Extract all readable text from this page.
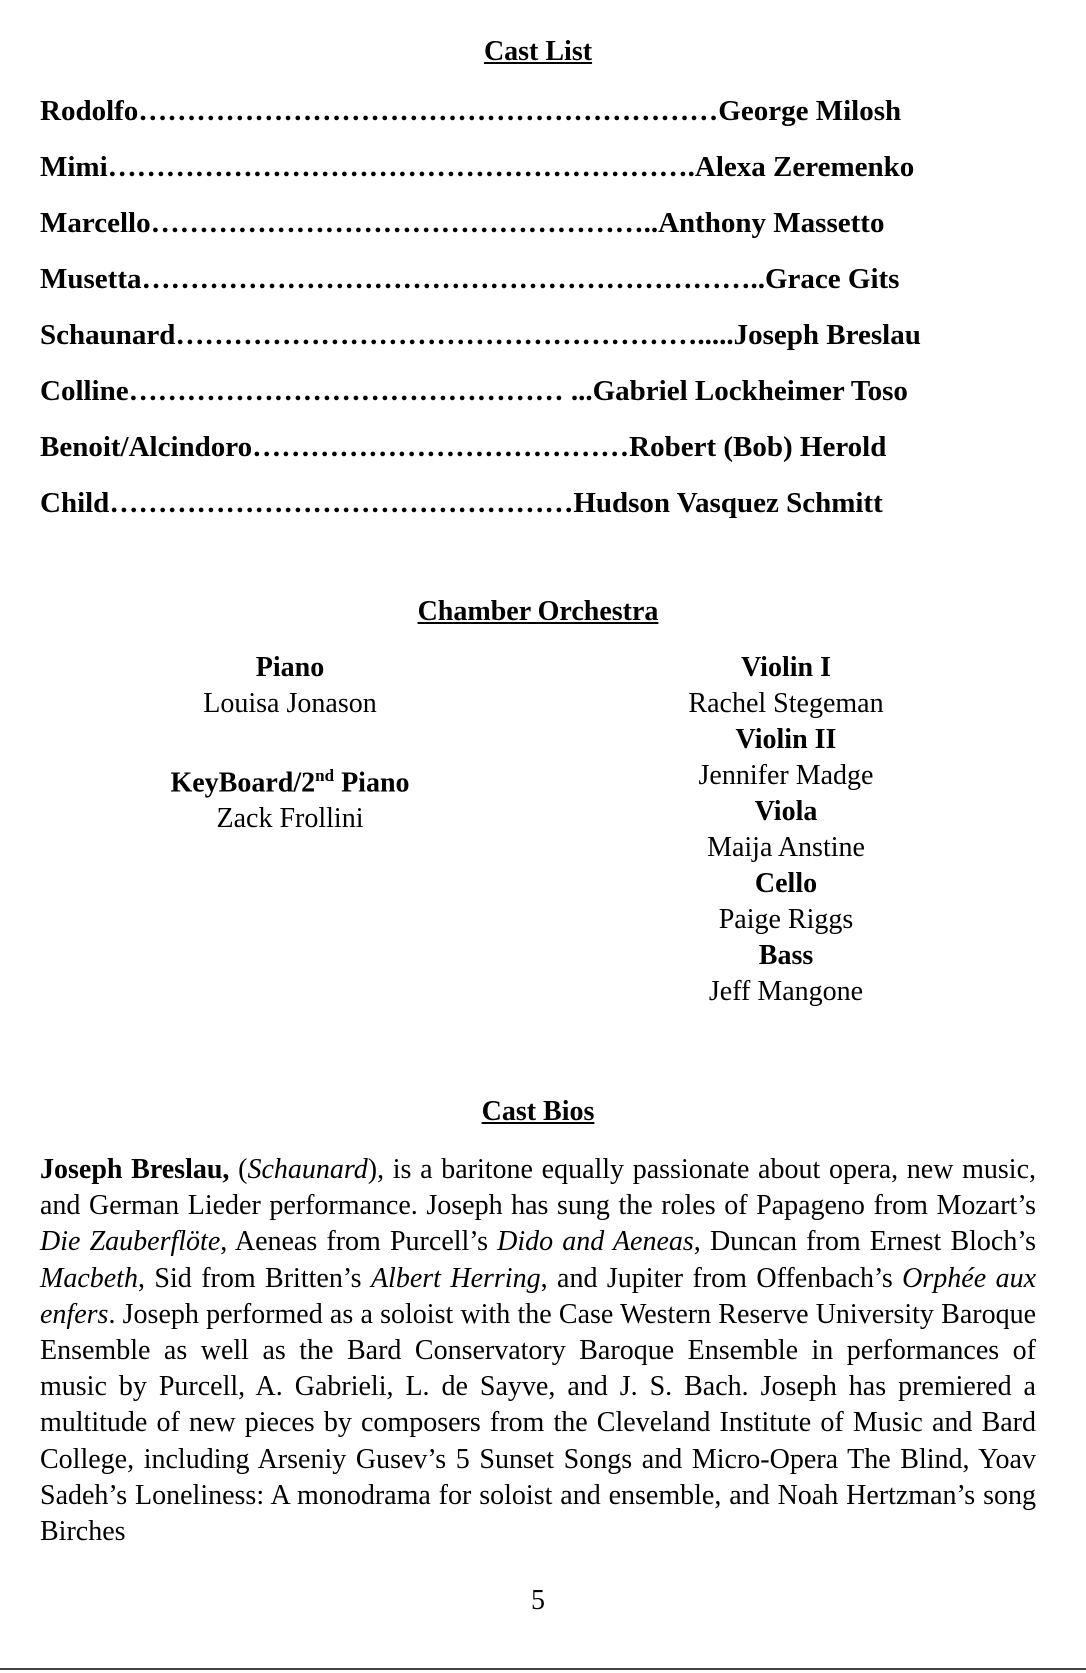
Cast List
Rodolfo……………………………………………………George Milosh
Mimi…………………………………………………….Alexa Zeremenko
Marcello……………………………………………..Anthony Massetto
Musetta………………………………………………………..Grace Gits
Schaunard……………………………………………….....Joseph Breslau
Colline……………………………………… ...Gabriel Lockheimer Toso
Benoit/Alcindoro…………………………………Robert (Bob) Herold
Child…………………………………………Hudson Vasquez Schmitt
Chamber Orchestra
Piano
Louisa Jonason
KeyBoard/2nd Piano
Zack Frollini
Violin I
Rachel Stegeman
Violin II
Jennifer Madge
Viola
Maija Anstine
Cello
Paige Riggs
Bass
Jeff Mangone
Cast Bios
Joseph Breslau, (Schaunard), is a baritone equally passionate about opera, new music, and German Lieder performance. Joseph has sung the roles of Papageno from Mozart’s Die Zauberflöte, Aeneas from Purcell’s Dido and Aeneas, Duncan from Ernest Bloch’s Macbeth, Sid from Britten’s Albert Herring, and Jupiter from Offenbach’s Orphée aux enfers. Joseph performed as a soloist with the Case Western Reserve University Baroque Ensemble as well as the Bard Conservatory Baroque Ensemble in performances of music by Purcell, A. Gabrieli, L. de Sayve, and J. S. Bach. Joseph has premiered a multitude of new pieces by composers from the Cleveland Institute of Music and Bard College, including Arseniy Gusev’s 5 Sunset Songs and Micro-Opera The Blind, Yoav Sadeh’s Loneliness: A monodrama for soloist and ensemble, and Noah Hertzman’s song Birches
5
